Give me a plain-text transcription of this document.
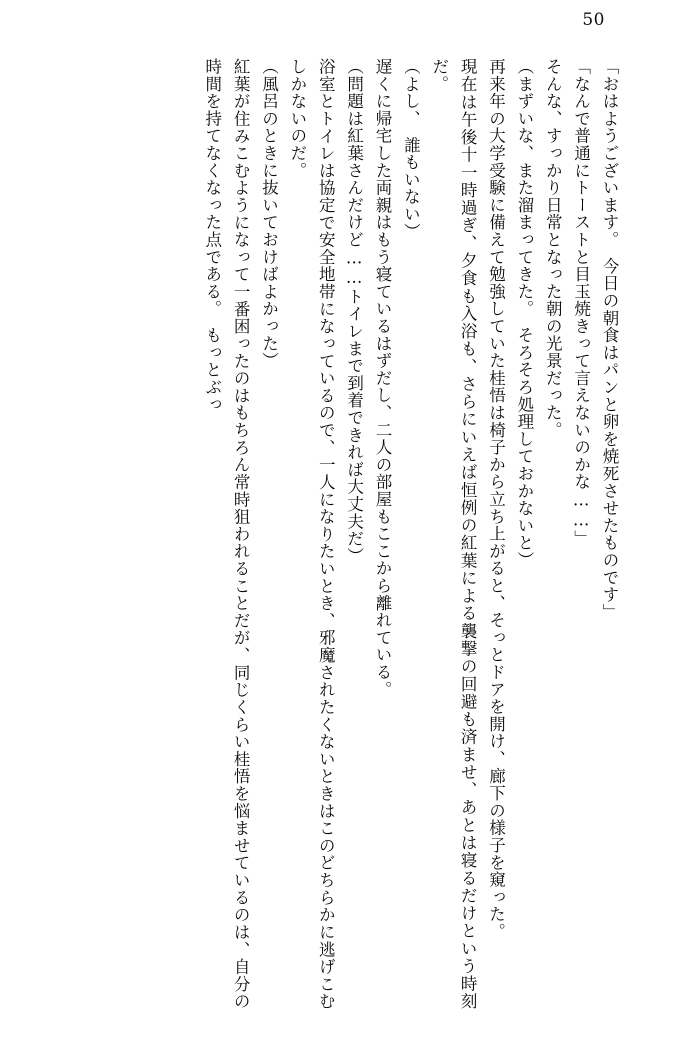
50

「おはようございます。　今日の朝食はパンと卵を焼死させたものです」

「なんで普通にトーストと目玉焼きって言えないのかな……」

そんな、すっかり日常となった朝の光景だった。

（まずいな、また溜まってきた。　そろそろ処理しておかないと）

再来年の大学受験に備えて勉強していた桂悟は椅子から立ち上がると、そっとドアを開け、廊下の様子を窺った。

現在は午後十一時過ぎ、夕食も入浴も、さらにいえば恒例の紅葉による襲撃の回避も済ませ、あとは寝るだけという時刻だ。

（よし、　誰もいない）

遅くに帰宅した両親はもう寝ているはずだし、二人の部屋もここから離れている。

（問題は紅葉さんだけど……トイレまで到着できれば大丈夫だ）

浴室とトイレは協定で安全地帯になっているので、一人になりたいとき、邪魔されたくないときはこのどちらかに逃げこむしかないのだ。

（風呂のときに抜いておけばよかった）

紅葉が住みこむようになって一番困ったのはもちろん常時狙われることだが、同じくらい桂悟を悩ませているのは、自分の時間を持てなくなった点である。　もっとぶっ
